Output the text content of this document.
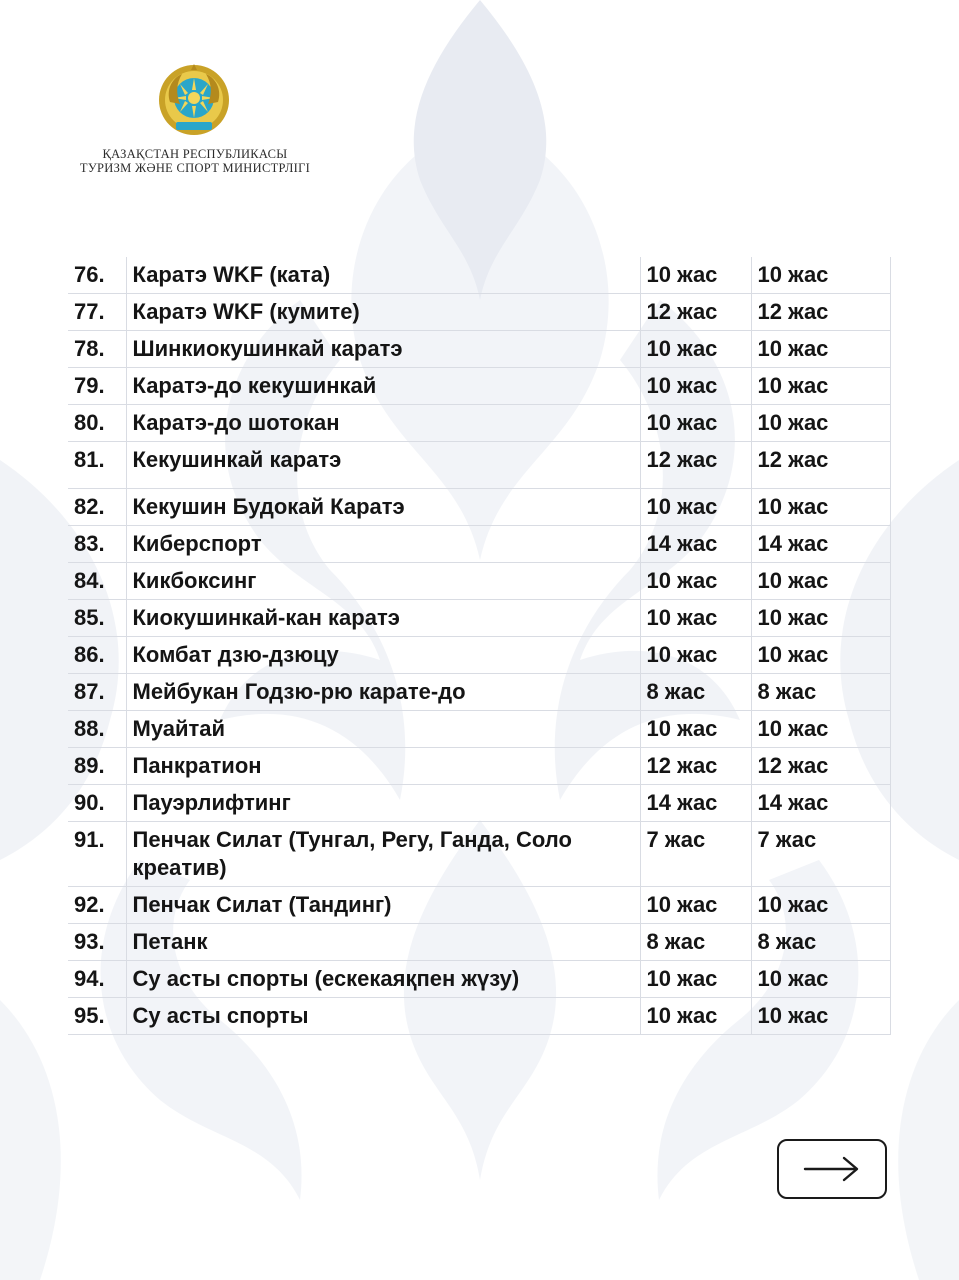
ҚАЗАҚСТАН РЕСПУБЛИКАСЫ
ТУРИЗМ ЖӘНЕ СПОРТ МИНИСТРЛІГІ
76.	Каратэ WKF (ката)	10 жас	10 жас
77.	Каратэ WKF (кумите)	12 жас	12 жас
78.	Шинкиокушинкай каратэ	10 жас	10 жас
79.	Каратэ-до кекушинкай	10 жас	10 жас
80.	Каратэ-до шотокан	10 жас	10 жас
81.	Кекушинкай каратэ	12 жас	12 жас
82.	Кекушин Будокай Каратэ	10 жас	10 жас
83.	Киберспорт	14 жас	14 жас
84.	Кикбоксинг	10 жас	10 жас
85.	Киокушинкай-кан каратэ	10 жас	10 жас
86.	Комбат дзю-дзюцу	10 жас	10 жас
87.	Мейбукан Годзю-рю карате-до	8 жас	8 жас
88.	Муайтай	10 жас	10 жас
89.	Панкратион	12 жас	12 жас
90.	Пауэрлифтинг	14 жас	14 жас
91.	Пенчак Силат (Тунгал, Регу, Ганда, Соло креатив)	7 жас	7 жас
92.	Пенчак Силат (Тандинг)	10 жас	10 жас
93.	Петанк	8 жас	8 жас
94.	Су асты спорты (ескекаяқпен жүзу)	10 жас	10 жас
95.	Су асты спорты	10 жас	10 жас
